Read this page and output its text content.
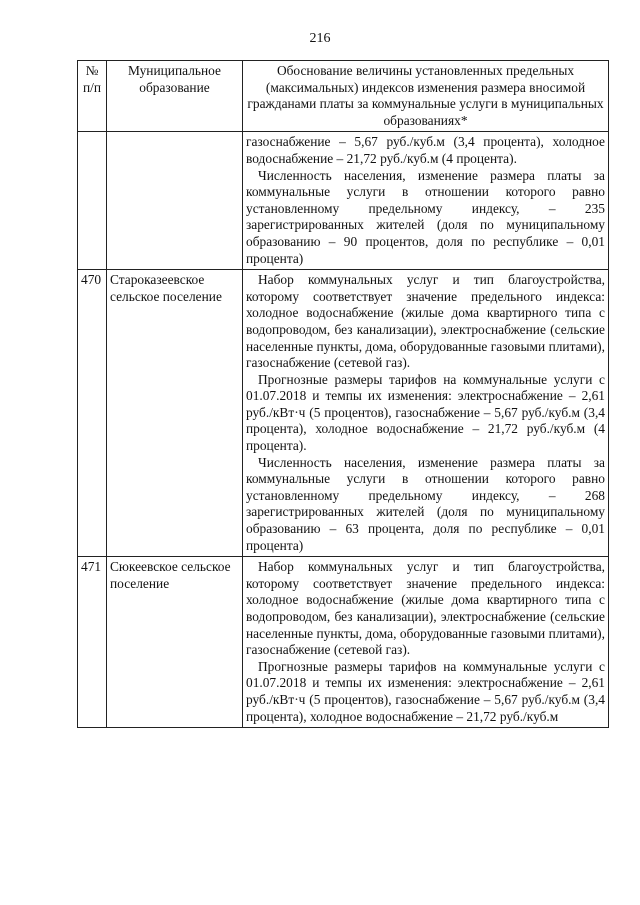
216
№ п/п	Муниципальное образование	Обоснование величины установленных предельных (максимальных) индексов изменения размера вносимой гражданами платы за коммунальные услуги в муниципальных образованиях*

		газоснабжение – 5,67 руб./куб.м (3,4 процента), холодное водоснабжение – 21,72 руб./куб.м (4 процента).

Численность населения, изменение размера платы за коммунальные услуги в отношении которого равно установленному предельному индексу, – 235 зарегистрированных жителей (доля по муниципальному образованию – 90 процентов, доля по республике – 0,01 процента)

470	Староказеевское сельское поселение	Набор коммунальных услуг и тип благоустройства, которому соответствует значение предельного индекса: холодное водоснабжение (жилые дома квартирного типа с водопроводом, без канализации), электроснабжение (сельские населенные пункты, дома, оборудованные газовыми плитами), газоснабжение (сетевой газ).

Прогнозные размеры тарифов на коммунальные услуги с 01.07.2018 и темпы их изменения: электроснабжение – 2,61 руб./кВт·ч (5 процентов), газоснабжение – 5,67 руб./куб.м (3,4 процента), холодное водоснабжение – 21,72 руб./куб.м (4 процента).

Численность населения, изменение размера платы за коммунальные услуги в отношении которого равно установленному предельному индексу, – 268 зарегистрированных жителей (доля по муниципальному образованию – 63 процента, доля по республике – 0,01 процента)

471	Сюкеевское сельское поселение	Набор коммунальных услуг и тип благоустройства, которому соответствует значение предельного индекса: холодное водоснабжение (жилые дома квартирного типа с водопроводом, без канализации), электроснабжение (сельские населенные пункты, дома, оборудованные газовыми плитами), газоснабжение (сетевой газ).

Прогнозные размеры тарифов на коммунальные услуги с 01.07.2018 и темпы их изменения: электроснабжение – 2,61 руб./кВт·ч (5 процентов), газоснабжение – 5,67 руб./куб.м (3,4 процента), холодное водоснабжение – 21,72 руб./куб.м
